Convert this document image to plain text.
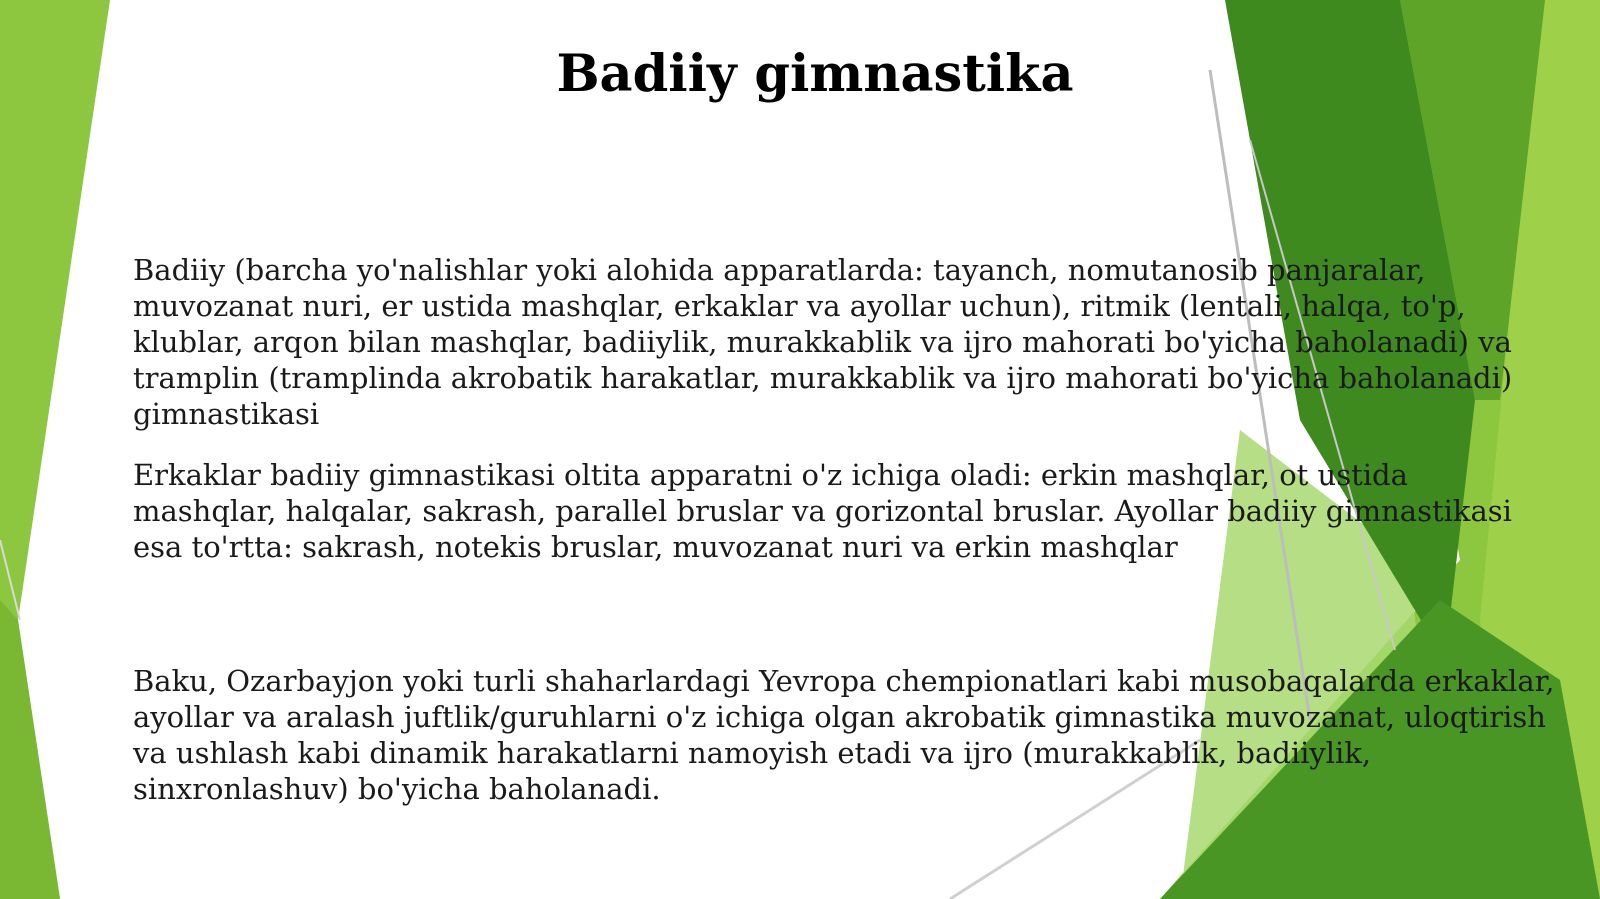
Badiiy gimnastika

Badiiy (barcha yo'nalishlar yoki alohida apparatlarda: tayanch, nomutanosib panjaralar,
muvozanat nuri, er ustida mashqlar, erkaklar va ayollar uchun), ritmik (lentali, halqa, to'p,
klublar, arqon bilan mashqlar, badiiylik, murakkablik va ijro mahorati bo'yicha baholanadi) va
tramplin (tramplinda akrobatik harakatlar, murakkablik va ijro mahorati bo'yicha baholanadi)
gimnastikasi

Erkaklar badiiy gimnastikasi oltita apparatni o'z ichiga oladi: erkin mashqlar, ot ustida
mashqlar, halqalar, sakrash, parallel bruslar va gorizontal bruslar. Ayollar badiiy gimnastikasi
esa to'rtta: sakrash, notekis bruslar, muvozanat nuri va erkin mashqlar

Baku, Ozarbayjon yoki turli shaharlardagi Yevropa chempionatlari kabi musobaqalarda erkaklar,
ayollar va aralash juftlik/guruhlarni o'z ichiga olgan akrobatik gimnastika muvozanat, uloqtirish
va ushlash kabi dinamik harakatlarni namoyish etadi va ijro (murakkablik, badiiylik,
sinxronlashuv) bo'yicha baholanadi.
